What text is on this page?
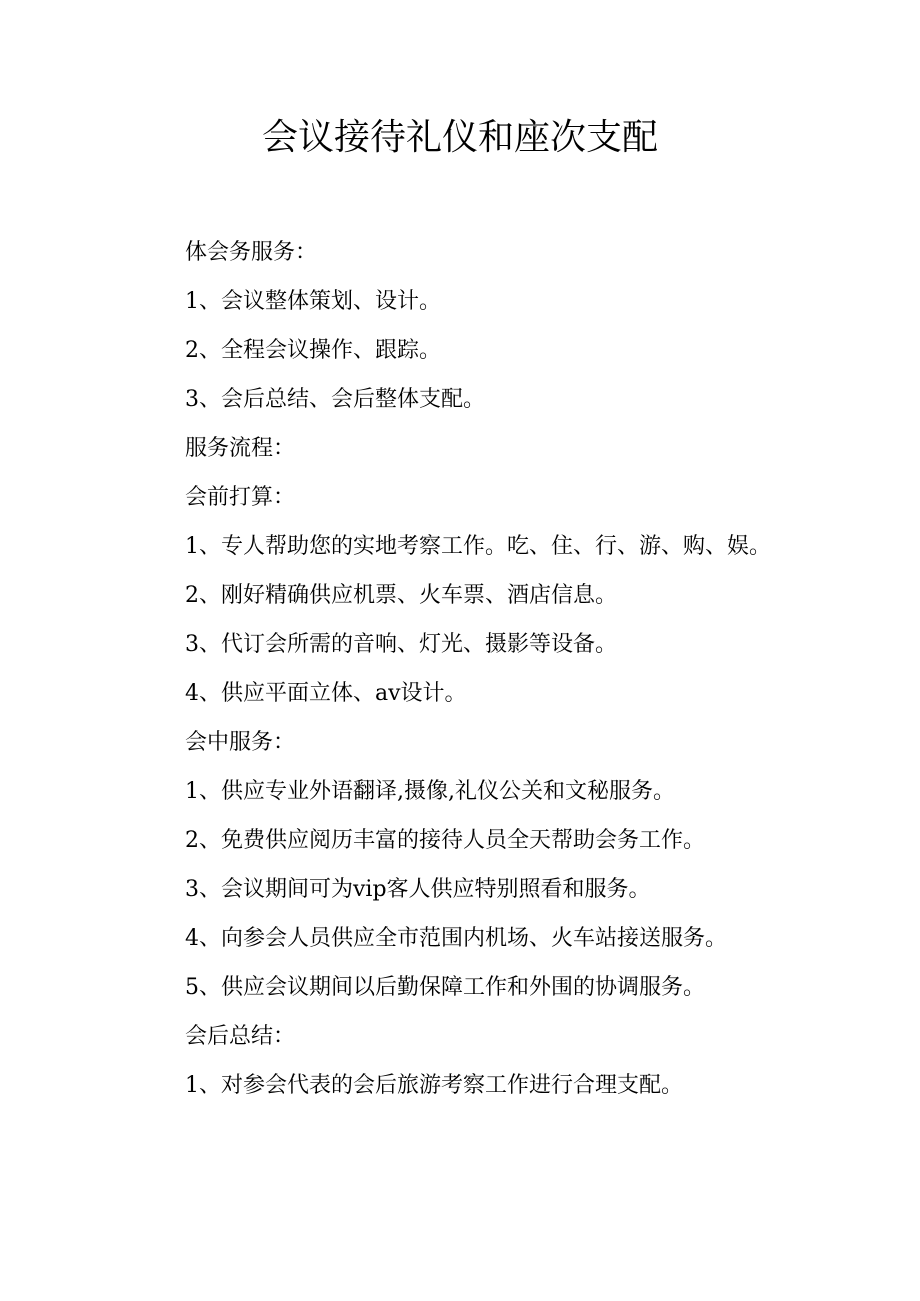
会议接待礼仪和座次支配

体会务服务：

1、会议整体策划、设计。

2、全程会议操作、跟踪。

3、会后总结、会后整体支配。

服务流程：

会前打算：

1、专人帮助您的实地考察工作。吃、住、行、游、购、娱。

2、刚好精确供应机票、火车票、酒店信息。

3、代订会所需的音响、灯光、摄影等设备。

4、供应平面立体、av设计。

会中服务：

1、供应专业外语翻译,摄像,礼仪公关和文秘服务。

2、免费供应阅历丰富的接待人员全天帮助会务工作。

3、会议期间可为vip客人供应特别照看和服务。

4、向参会人员供应全市范围内机场、火车站接送服务。

5、供应会议期间以后勤保障工作和外围的协调服务。

会后总结：

1、对参会代表的会后旅游考察工作进行合理支配。
